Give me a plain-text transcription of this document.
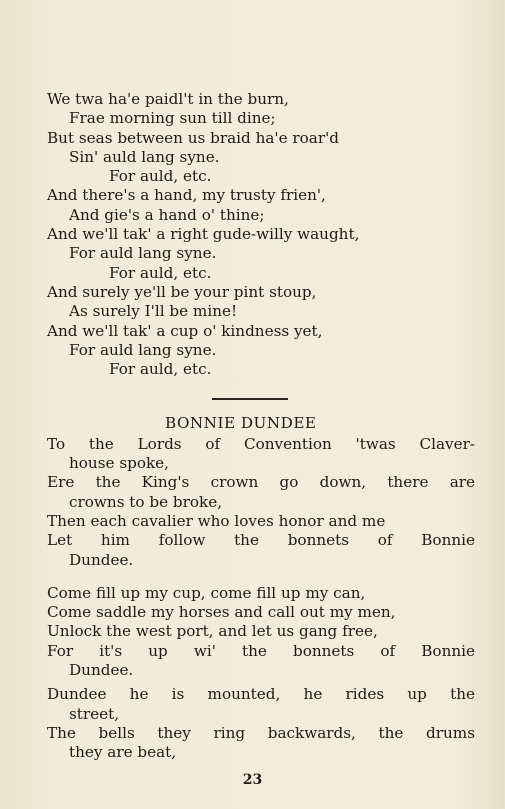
We twa ha'e paidl't in the burn,
Frae morning sun till dine;
But seas between us braid ha'e roar'd
Sin' auld lang syne.
For auld, etc.
And there's a hand, my trusty frien',
And gie's a hand o' thine;
And we'll tak' a right gude-willy waught,
For auld lang syne.
For auld, etc.
And surely ye'll be your pint stoup,
As surely I'll be mine!
And we'll tak' a cup o' kindness yet,
For auld lang syne.
For auld, etc.
BONNIE DUNDEE
To the Lords of Convention 'twas Claver-
house spoke,
Ere the King's crown go down, there are
crowns to be broke,
Then each cavalier who loves honor and me
Let him follow the bonnets of Bonnie
Dundee.
Come fill up my cup, come fill up my can,
Come saddle my horses and call out my men,
Unlock the west port, and let us gang free,
For it's up wi' the bonnets of Bonnie
Dundee.
Dundee he is mounted, he rides up the
street,
The bells they ring backwards, the drums
they are beat,
23
